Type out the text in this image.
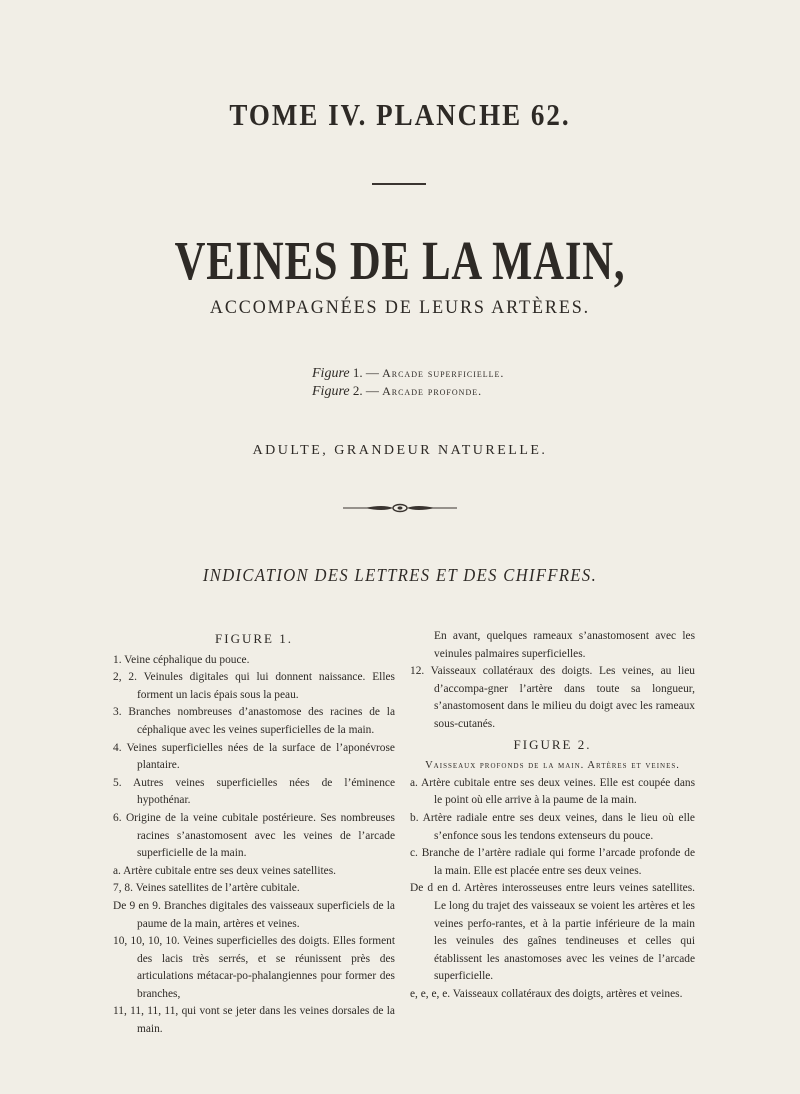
TOME IV. PLANCHE 62.
VEINES DE LA MAIN,
ACCOMPAGNÉES DE LEURS ARTÈRES.
Figure 1. — Arcade superficielle.
Figure 2. — Arcade profonde.
ADULTE, GRANDEUR NATURELLE.
INDICATION DES LETTRES ET DES CHIFFRES.
FIGURE 1.

1. Veine céphalique du pouce.

2, 2. Veinules digitales qui lui donnent naissance. Elles forment un lacis épais sous la peau.

3. Branches nombreuses d’anastomose des racines de la céphalique avec les veines superficielles de la main.

4. Veines superficielles nées de la surface de l’aponévrose plantaire.

5. Autres veines superficielles nées de l’éminence hypothénar.

6. Origine de la veine cubitale postérieure. Ses nombreuses racines s’anastomosent avec les veines de l’arcade superficielle de la main.

a. Artère cubitale entre ses deux veines satellites.

7, 8. Veines satellites de l’artère cubitale.

De 9 en 9. Branches digitales des vaisseaux superficiels de la paume de la main, artères et veines.

10, 10, 10, 10. Veines superficielles des doigts. Elles forment des lacis très serrés, et se réunissent près des articulations métacar-po-phalangiennes pour former des branches,

11, 11, 11, 11, qui vont se jeter dans les veines dorsales de la main.

En avant, quelques rameaux s’anastomosent avec les veinules palmaires superficielles.

12. Vaisseaux collatéraux des doigts. Les veines, au lieu d’accompa-gner l’artère dans toute sa longueur, s’anastomosent dans le milieu du doigt avec les rameaux sous-cutanés.

FIGURE 2.

Vaisseaux profonds de la main. Artères et veines.

a. Artère cubitale entre ses deux veines. Elle est coupée dans le point où elle arrive à la paume de la main.

b. Artère radiale entre ses deux veines, dans le lieu où elle s’enfonce sous les tendons extenseurs du pouce.

c. Branche de l’artère radiale qui forme l’arcade profonde de la main. Elle est placée entre ses deux veines.

De d en d. Artères interosseuses entre leurs veines satellites. Le long du trajet des vaisseaux se voient les artères et les veines perfo-rantes, et à la partie inférieure de la main les veinules des gaînes tendineuses et celles qui établissent les anastomoses avec les veines de l’arcade superficielle.

e, e, e, e. Vaisseaux collatéraux des doigts, artères et veines.
